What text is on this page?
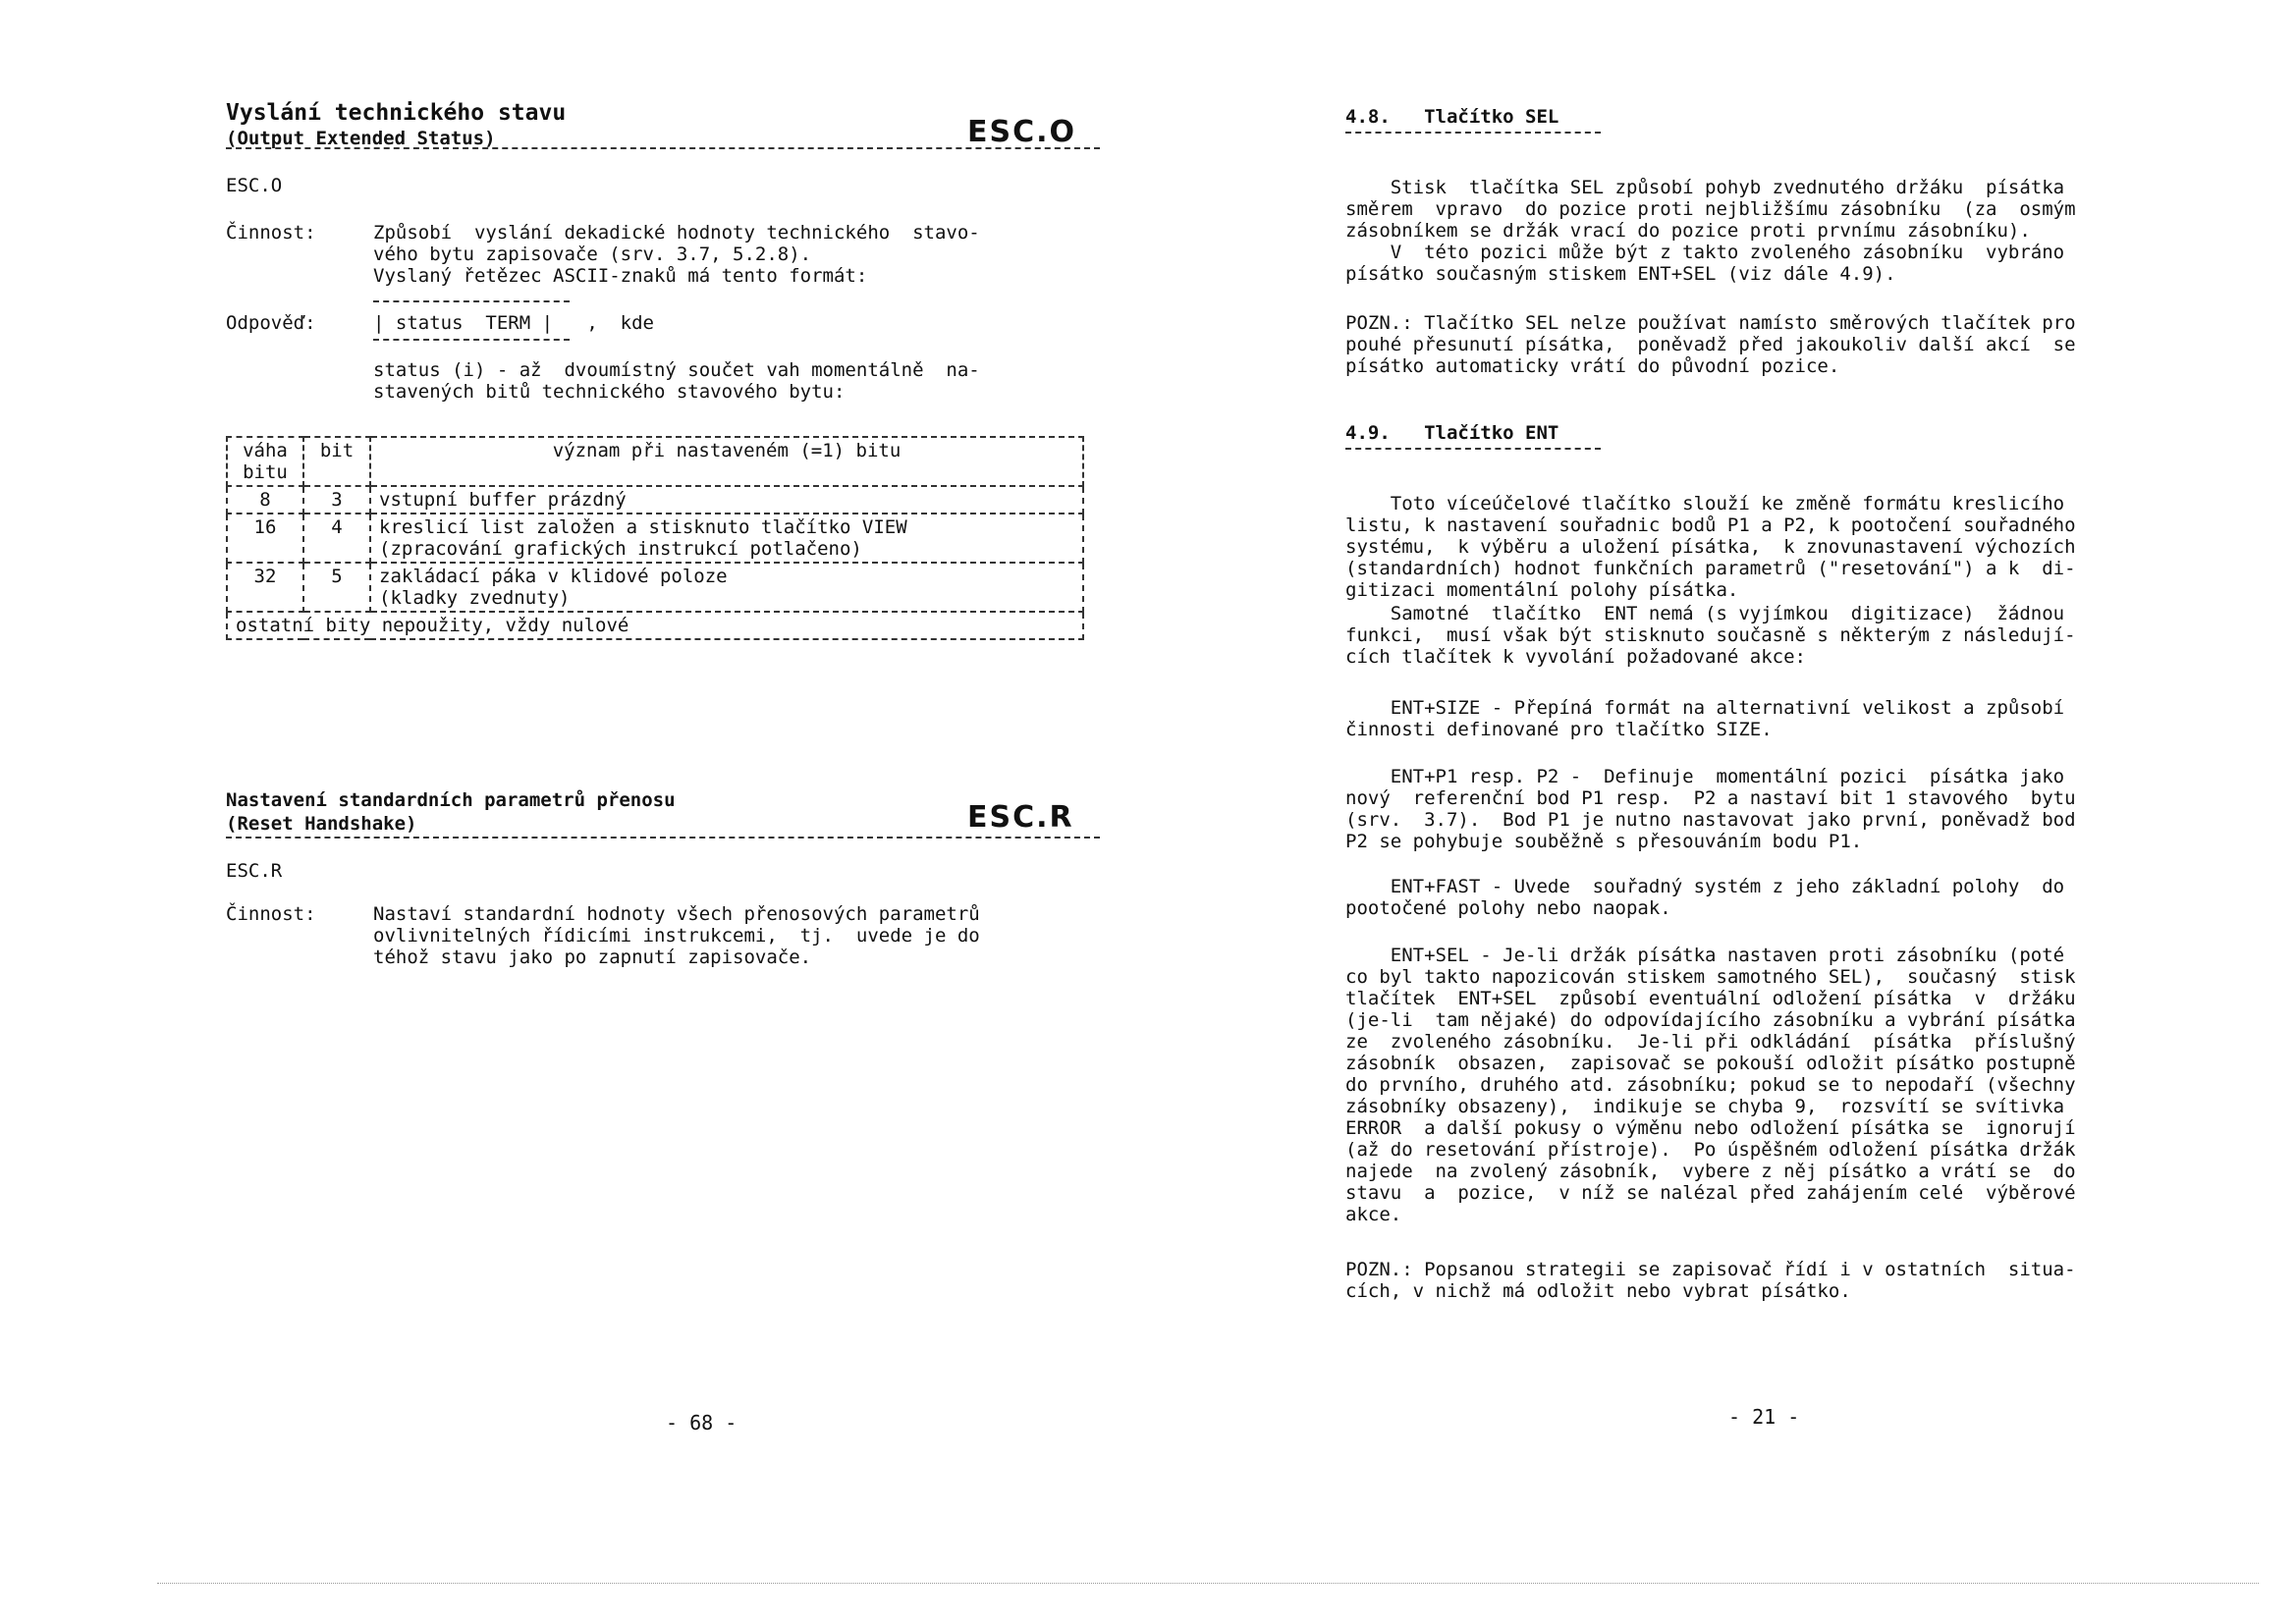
Vyslání technického stavu
(Output Extended Status)	ESC.O
ESC.O
Činnost:	Způsobí  vyslání dekadické hodnoty technického  stavo-
vého bytu zapisovače (srv. 3.7, 5.2.8).
Vyslaný řetězec ASCII-znaků má tento formát:
Odpověď:	| status  TERM |   ,  kde
status (i) - až  dvoumístný součet vah momentálně  na-
stavených bitů technického stavového bytu:
váha
bitu	bit	význam při nastaveném (=1) bitu
8	3	vstupní buffer prázdný
16	4	kreslicí list založen a stisknuto tlačítko VIEW
(zpracování grafických instrukcí potlačeno)
32	5	zakládací páka v klidové poloze
(kladky zvednuty)
ostatní bity nepoužity, vždy nulové		
Nastavení standardních parametrů přenosu
(Reset Handshake)	ESC.R
ESC.R
Činnost:	Nastaví standardní hodnoty všech přenosových parametrů
ovlivnitelných řídicími instrukcemi,  tj.  uvede je do
téhož stavu jako po zapnutí zapisovače.
- 68 -
4.8.   Tlačítko SEL
Stisk  tlačítka SEL způsobí pohyb zvednutého držáku  písátka
směrem  vpravo  do pozice proti nejbližšímu zásobníku  (za  osmým
zásobníkem se držák vrací do pozice proti prvnímu zásobníku).
V  této pozici může být z takto zvoleného zásobníku  vybráno
písátko současným stiskem ENT+SEL (viz dále 4.9).
POZN.: Tlačítko SEL nelze používat namísto směrových tlačítek pro
pouhé přesunutí písátka,  poněvadž před jakoukoliv další akcí  se
písátko automaticky vrátí do původní pozice.
4.9.   Tlačítko ENT
Toto víceúčelové tlačítko slouží ke změně formátu kreslicího
listu, k nastavení souřadnic bodů P1 a P2, k pootočení souřadného
systému,  k výběru a uložení písátka,  k znovunastavení výchozích
(standardních) hodnot funkčních parametrů ("resetování") a k  di-
gitizaci momentální polohy písátka.
Samotné  tlačítko  ENT nemá (s vyjímkou  digitizace)  žádnou
funkci,  musí však být stisknuto současně s některým z následují-
cích tlačítek k vyvolání požadované akce:
ENT+SIZE - Přepíná formát na alternativní velikost a způsobí
činnosti definované pro tlačítko SIZE.
ENT+P1 resp. P2 -  Definuje  momentální pozici  písátka jako
nový  referenční bod P1 resp.  P2 a nastaví bit 1 stavového  bytu
(srv.  3.7).  Bod P1 je nutno nastavovat jako první, poněvadž bod
P2 se pohybuje souběžně s přesouváním bodu P1.
ENT+FAST - Uvede  souřadný systém z jeho základní polohy  do
pootočené polohy nebo naopak.
ENT+SEL - Je-li držák písátka nastaven proti zásobníku (poté
co byl takto napozicován stiskem samotného SEL),  současný  stisk
tlačítek  ENT+SEL  způsobí eventuální odložení písátka  v  držáku
(je-li  tam nějaké) do odpovídajícího zásobníku a vybrání písátka
ze  zvoleného zásobníku.  Je-li při odkládání  písátka  příslušný
zásobník  obsazen,  zapisovač se pokouší odložit písátko postupně
do prvního, druhého atd. zásobníku; pokud se to nepodaří (všechny
zásobníky obsazeny),  indikuje se chyba 9,  rozsvítí se svítivka
ERROR  a další pokusy o výměnu nebo odložení písátka se  ignorují
(až do resetování přístroje).  Po úspěšném odložení písátka držák
najede  na zvolený zásobník,  vybere z něj písátko a vrátí se  do
stavu  a  pozice,  v níž se nalézal před zahájením celé  výběrové
akce.
POZN.: Popsanou strategii se zapisovač řídí i v ostatních  situa-
cích, v nichž má odložit nebo vybrat písátko.
- 21 -
